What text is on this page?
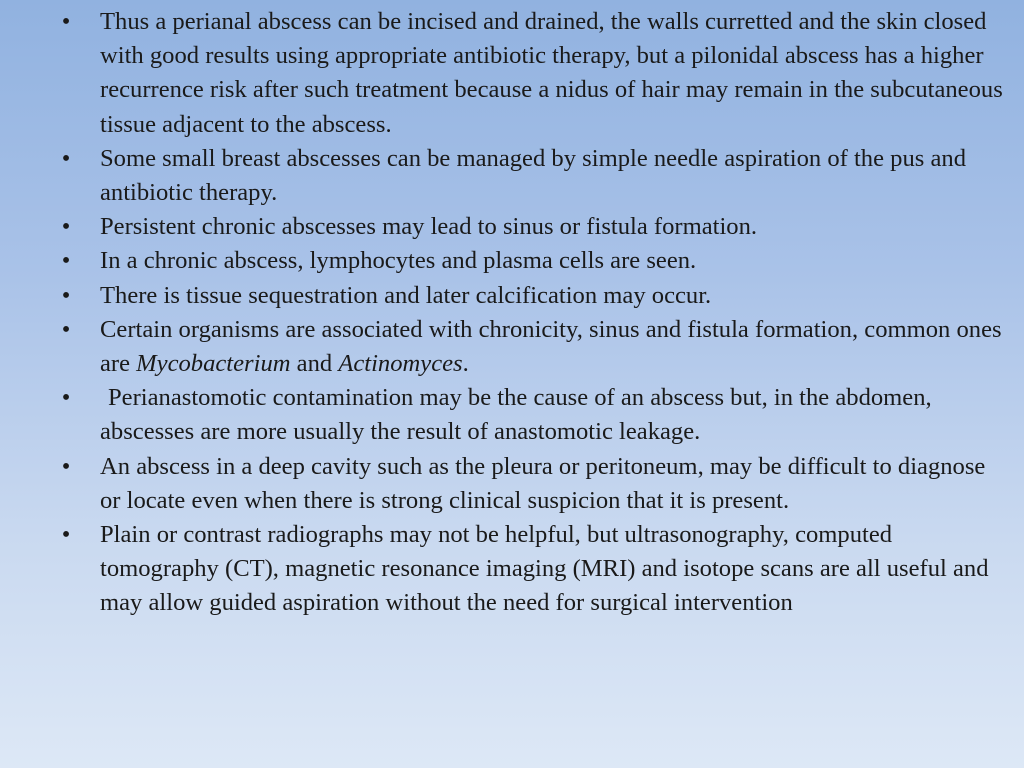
• Thus a perianal abscess can be incised and drained, the walls curretted and the skin closed with good results using appropriate antibiotic therapy, but a pilonidal abscess has a higher recurrence risk after such treatment because a nidus of hair may remain in the subcutaneous tissue adjacent to the abscess.
• Some small breast abscesses can be managed by simple needle aspiration of the pus and antibiotic therapy.
• Persistent chronic abscesses may lead to sinus or fistula formation.
• In a chronic abscess, lymphocytes and plasma cells are seen.
• There is tissue sequestration and later calcification may occur.
• Certain organisms are associated with chronicity, sinus and fistula formation, common ones are Mycobacterium and Actinomyces.
• Perianastomotic contamination may be the cause of an abscess but, in the abdomen, abscesses are more usually the result of anastomotic leakage.
• An abscess in a deep cavity such as the pleura or peritoneum, may be difficult to diagnose or locate even when there is strong clinical suspicion that it is present.
• Plain or contrast radiographs may not be helpful, but ultrasonography, computed tomography (CT), magnetic resonance imaging (MRI) and isotope scans are all useful and may allow guided aspiration without the need for surgical intervention
